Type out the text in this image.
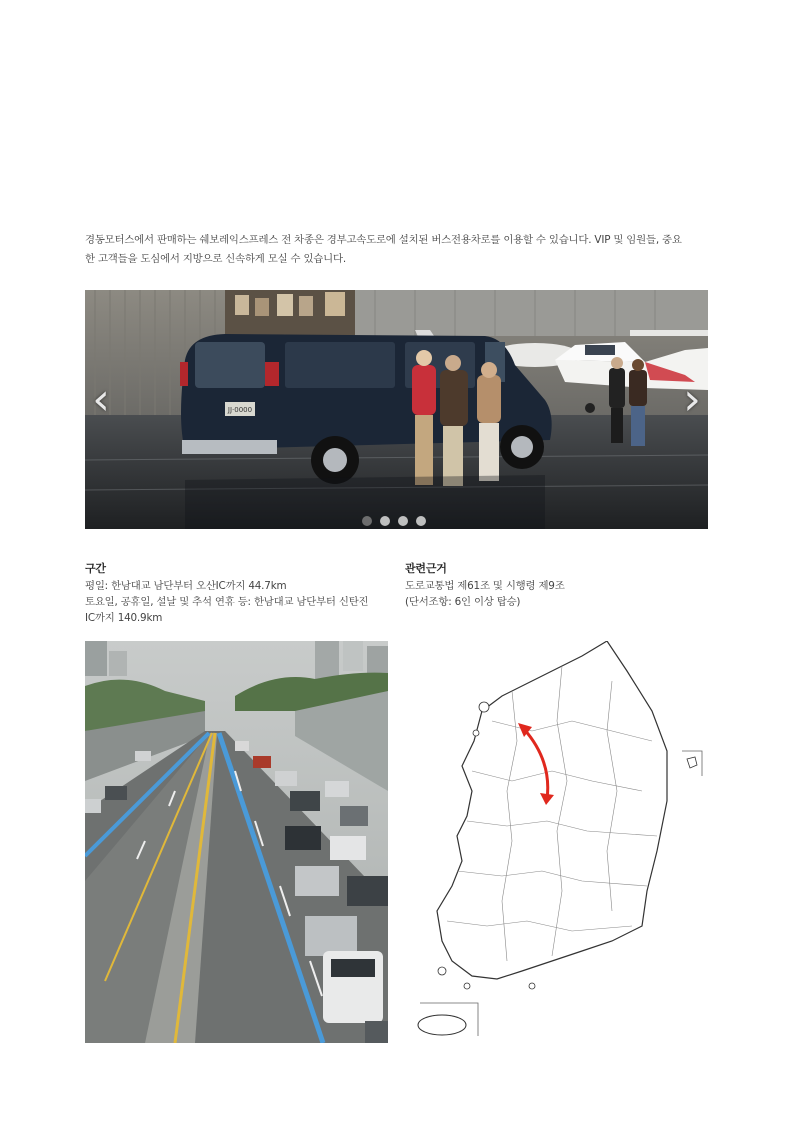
경동모터스에서 판매하는 쉐보레익스프레스 전 차종은 경부고속도로에 설치된 버스전용차로를 이용할 수 있습니다. VIP 및 임원들, 중요

한 고객들을 도심에서 지방으로 신속하게 모실 수 있습니다.

JJ·0000
‹	›
구간

평일: 한남대교 남단부터 오산IC까지 44.7km

토요일, 공휴일, 설날 및 추석 연휴 등: 한남대교 남단부터 신탄진

IC까지 140.9km

관련근거

도로교통법 제61조 및 시행령 제9조

(단서조항: 6인 이상 탑승)
